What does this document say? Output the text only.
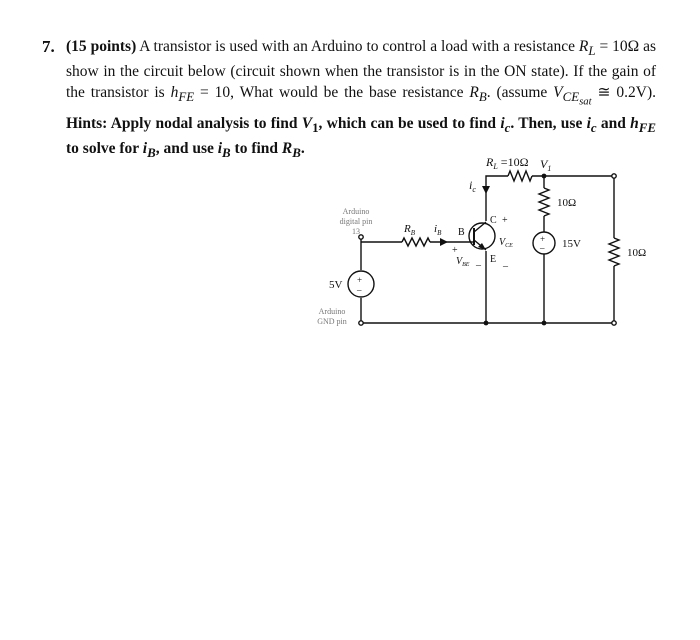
7. (15 points) A transistor is used with an Arduino to control a load with a resistance $R_L = 10\Omega$ as show in the circuit below (circuit shown when the transistor is in the ON state). If the gain of the transistor is $h_{FE} = 10$, What would be the base resistance $R_B$. (assume $V_{CE_{sat}}$ ≅ 0.2V). Hints: Apply nodal analysis to find $V_1$, which can be used to find $i_c$. Then, use $i_c$ and $h_{FE}$ to solve for $i_B$, and use $i_B$ to find $R_B$.

+
–
+
–
$R_L =10\Omega$ $V_1$
$i_c$
10Ω
15V
10Ω
Arduino
digital pin
13
Arduino
GND pin
5V
$R_B$ $i_B$ B
C +
$V_{CE}$
E
–
+
$V_{BE}$ –
